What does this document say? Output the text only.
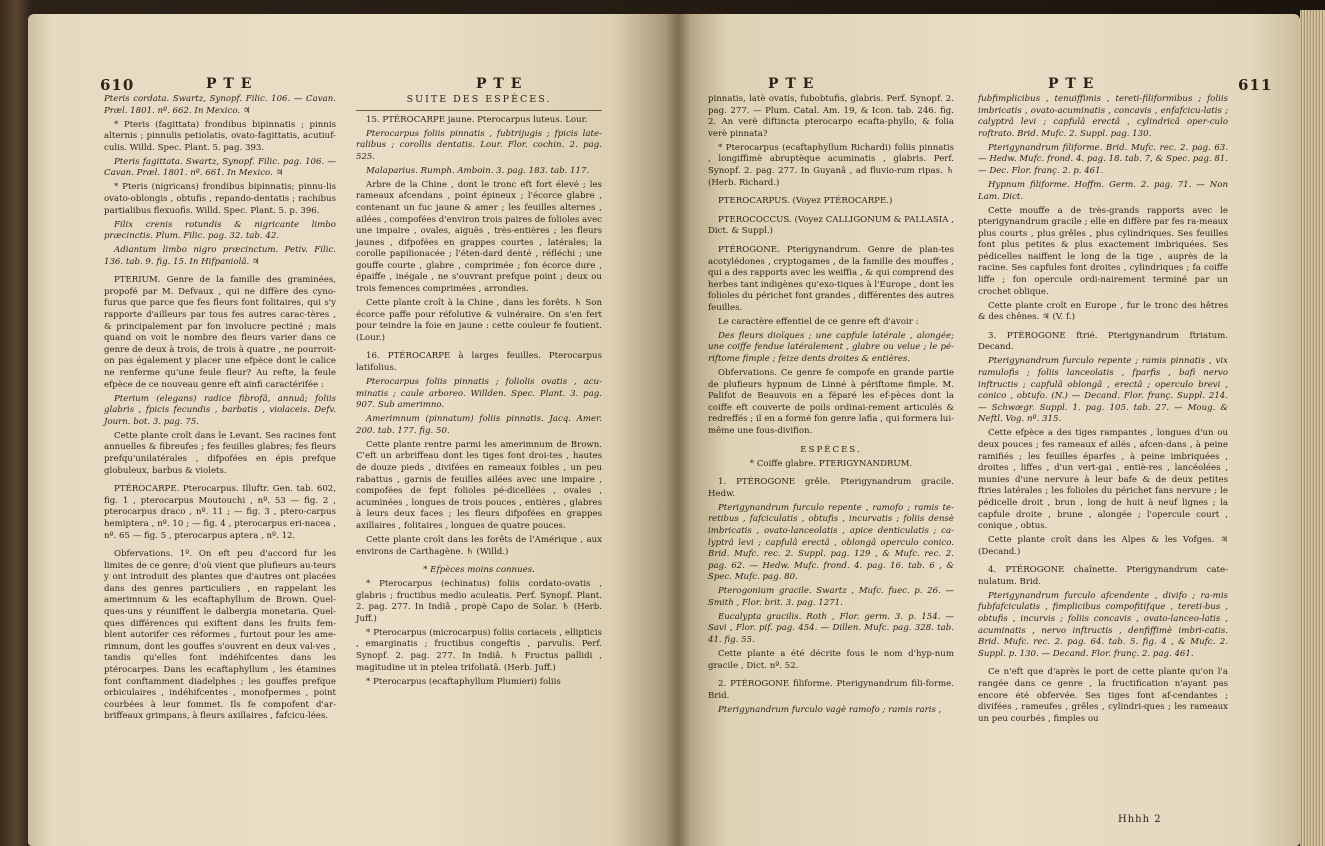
610	P T E	P T E

Pteris cordata. Swartz, Synopf. Filic. 106. — Cavan. Præl. 1801. nº. 662. In Mexico. ♃

* Pteris (fagittata) frondibus bipinnatis ; pinnis alternis ; pinnulis petiolatis, ovato-fagittatis, acutiuf-culis. Willd. Spec. Plant. 5. pag. 393.

Pteris fagittata. Swartz, Synopf. Filic. pag. 106. — Cavan. Præl. 1801. nº. 661. In Mexico. ♃

* Pteris (nigricans) frondibus bipinnatis; pinnu-lis ovato-oblongis , obtufis , repando-dentatis ; rachibus partialibus flexuofis. Willd. Spec. Plant. 5. p. 396.

Filix crenis rotundis & nigricante limbo præcinctis. Plum. Filic. pag. 32. tab. 42.

Adiantum limbo nigro præcinctum. Petiv. Filic. 136. tab. 9. fig. 15. In Hifpaniolâ. ♃

PTERIUM. Genre de la famille des graminées, propofé par M. Defvaux , qui ne diffère des cyno-furus que parce que fes fleurs font folitaires, qui s'y rapporte d'ailleurs par tous fes autres carac-tères , & principalement par fon involucre pectiné ; mais quand on voit le nombre des fleurs varier dans ce genre de deux à trois, de trois à quatre , ne pourroit-on pas également y placer une efpèce dont le calice ne renferme qu'une feule fleur? Au refte, la feule efpèce de ce nouveau genre eft ainfi caractérifée :

Pterium (elegans) radice fibrofâ, annuâ; foliis glabris , fpicis fecundis , barbatis , violaceis. Defv. Journ. bot. 3. pag. 75.

Cette plante croît dans le Levant. Ses racines font annuelles & fibreufes ; fes feuilles glabres; fes fleurs prefqu'unilatérales , difpofées en épis prefque globuleux, barbus & violets.

PTÉROCARPE. Pterocarpus. Illuftr. Gen. tab. 602, fig. 1 , pterocarpus Moutouchi , nº. 53 — fig. 2 , pterocarpus draco , nº. 11 ; — fig. 3 , ptero-carpus hemiptera , nº. 10 ; — fig. 4 , pterocarpus eri-nacea , nº. 65 — fig. 5 , pterocarpus aptera , nº. 12.

Obfervations. 1º. On eft peu d'accord fur les limites de ce genre; d'où vient que plufieurs au-teurs y ont introduit des plantes que d'autres ont placées dans des genres particuliers , en rappelant les amerimnum & les ecaftaphyllum de Brown. Quel-ques-uns y réuniffent le dalbergia monetaria. Quel-ques différences qui exiftent dans les fruits fem-blent autorifer ces réformes , furtout pour les ame-rimnum, dont les gouffes s'ouvrent en deux val-ves , tandis qu'elles font indéhifcentes dans les ptérocarpes. Dans les ecaftaphyllum , les étamines font conftamment diadelphes ; les gouffes prefque orbiculaires , indéhifcentes , monofpermes , point courbées à leur fommet. Ils fe compofent d'ar-briffeaux grimpans, à fleurs axillaires , fafcicu-lées.

SUITE DES ESPÈCES.

15. PTÉROCARPE jaune. Pterocarpus luteus. Lour.

Pterocarpus foliis pinnatis , fubtrijugis ; fpicis late-ralibus ; corollis dentatis. Lour. Flor. cochin. 2. pag. 525.

Malaparius. Rumph. Amboin. 3. pag. 183. tab. 117.

Arbre de la Chine , dont le tronc eft fort élevé ; les rameaux afcendans , point épineux ; l'écorce glabre , contenant un fuc jaune & amer ; les feuilles alternes , ailées , compofées d'environ trois paires de folioles avec une impaire , ovales, aiguës , très-entières ; les fleurs jaunes , difpofées en grappes courtes , latérales; la corolle papilionacée ; l'éten-dard denté , réfléchi ; une gouffe courte , glabre , comprimée ; fon écorce dure , épaiffe , inégale , ne s'ouvrant prefque point ; deux ou trois femences comprimées , arrondies.

Cette plante croît à la Chine , dans les forêts. ♄ Son écorce paffe pour réfolutive & vulnéraire. On s'en fert pour teindre la foie en jaune : cette couleur fe foutient. (Lour.)

16. PTÉROCARPE à larges feuilles. Pterocarpus latifolius.

Pterocarpus foliis pinnatis ; foliolis ovatis , acu-minatis ; caule arboreo. Willden. Spec. Plant. 3. pag. 907. Sub amerimno.

Amerimnum (pinnatum) foliis pinnatis. Jacq. Amer. 200. tab. 177. fig. 50.

Cette plante rentre parmi les amerimnum de Brown. C'eft un arbriffeau dont les tiges font droi-tes , hautes de douze pieds , divifées en rameaux foibles , un peu rabattus , garnis de feuilles ailées avec une impaire , compofées de fept folioles pé-dicellées , ovales , acuminées , longues de trois pouces , entières , glabres à leurs deux faces ; les fleurs difpofées en grappes axillaires , folitaires , longues de quatre pouces.

Cette plante croît dans les forêts de l'Amérique , aux environs de Carthagène. ♄ (Willd.)

* Efpèces moins connues.

* Pterocarpus (echinatus) foliis cordato-ovatis , glabris ; fructibus medio aculeatis. Perf. Synopf. Plant. 2. pag. 277. In Indiâ , propè Capo de Solar. ♄ (Herb. Juff.)

* Pterocarpus (microcarpus) foliis coriaceis , ellipticis , emarginatis ; fructibus congeftis , parvulis. Perf. Synopf. 2. pag. 277. In Indiâ. ♄ Fructus pallidi , magitudine ut in ptelea trifoliatâ. (Herb. Juff.)

* Pterocarpus (ecaftaphyllum Plumieri) foliis

P T E	P T E	611

pinnatis, latè ovatis, fubobtufis, glabris. Perf. Synopf. 2. pag. 277. — Plum. Catal. Am. 19, & Icon. tab. 246. fig. 2. An verè diftincta pterocarpo ecafta-phyllo, & folia verè pinnata?

* Pterocarpus (ecaftaphyllum Richardi) foliis pinnatis , longiffimè abruptèque acuminatis , glabris. Perf. Synopf. 2. pag. 277. In Guyanâ , ad fluvio-rum ripas. ♄ (Herb. Richard.)

PTEROCARPUS. (Voyez PTÉROCARPE.)

PTEROCOCCUS. (Voyez CALLIGONUM & PALLASIA , Dict. & Suppl.)

PTÉROGONE. Pterigynandrum. Genre de plan-tes acotylédones , cryptogames , de la famille des mouffes , qui a des rapports avec les weiffia , & qui comprend des herbes tant indigènes qu'exo-tiques à l'Europe , dont les folioles du périchet font grandes , différentes des autres feuilles.

Le caractère effentiel de ce genre eft d'avoir :

Des fleurs dioïques ; une capfule latérale , alongée; une coiffe fendue latéralement , glabre ou velue ; le pé-riftome fimple ; feize dents droites & entières.

Obfervations. Ce genre fe compofe en grande partie de plufieurs hypnum de Linné à périftome fimple. M. Palifot de Beauvois en a féparé les ef-pèces dont la coiffe eft couverte de poils ordinai-rement articulés & redreffés ; il en a formé fon genre lafia , qui formera lui-même une fous-divifion.

ESPÈCES.

* Coiffe glabre. PTERIGYNANDRUM.

1. PTÉROGONE grêle. Pterigynandrum gracile. Hedw.

Pterigynandrum furculo repente , ramofo ; ramis te-retibus , fafciculatis , obtufis , incurvatis ; foliis densè imbricatis , ovato-lanceolatis , apice denticulatis ; ca-lyptrâ levi ; capfulâ erectâ , oblongâ operculo conico. Brid. Mufc. rec. 2. Suppl. pag. 129 , & Mufc. rec. 2. pag. 62. — Hedw. Mufc. frond. 4. pag. 16. tab. 6 , & Spec. Mufc. pag. 80.

Pterogonium gracile. Swartz , Mufc. fuec. p. 26. — Smith , Flor. brit. 3. pag. 1271.

Eucalypta gracilis. Roth , Flor. germ. 3. p. 154. — Savi , Flor. pif. pag. 454. — Dillen. Mufc. pag. 328. tab. 41. fig. 55.

Cette plante a été décrite fous le nom d'hyp-num gracile , Dict. nº. 52.

2. PTÉROGONE filiforme. Pterigynandrum fili-forme. Brid.

Pterigynandrum furculo vagè ramofo ; ramis raris ,

fubfimplicibus , tenuiffimis , tereti-filiformibus ; foliis imbricatis , ovato-acuminatis , concavis , enfafcicu-latis ; calyptrâ levi ; capfulâ erectâ , cylindricâ oper-culo roftrato. Brid. Mufc. 2. Suppl. pag. 130.

Pterigynandrum filiforme. Brid. Mufc. rec. 2. pag. 63. — Hedw. Mufc. frond. 4. pag. 18. tab. 7, & Spec. pag. 81. — Dec. Flor. franç. 2. p. 461.

Hypnum filiforme. Hoffm. Germ. 2. pag. 71. — Non Lam. Dict.

Cette mouffe a de très-grands rapports avec le pterigynandrum gracile ; elle en diffère par fes ra-meaux plus courts , plus grêles , plus cylindriques. Ses feuilles font plus petites & plus exactement imbriquées. Ses pédicelles naiffent le long de la tige , auprès de la racine. Ses capfules font droites , cylindriques ; fa coiffe liffe ; fon opercule ordi-nairement terminé par un crochet oblique.

Cette plante croît en Europe , fur le tronc des hêtres & des chênes. ♃ (V. f.)

3. PTÉROGONE ftrié. Pterigynandrum ftriatum. Decand.

Pterigynandrum furculo repente ; ramis pinnatis , vix ramulofis ; foliis lanceolatis , fparfis , bafi nervo inftructis ; capfulâ oblongâ , erectâ ; operculo brevi , conico , obtufo. (N.) — Decand. Flor. franç. Suppl. 214. — Schwægr. Suppl. 1. pag. 105. tab. 27. — Moug. & Neftl. Vog. nº. 315.

Cette efpèce a des tiges rampantes , longues d'un ou deux pouces ; fes rameaux ef ailés , afcen-dans , à peine ramifiés ; les feuilles éparfes , à peine imbriquées , droites , liffes , d'un vert-gai , entiè-res , lancéolées , munies d'une nervure à leur bafe & de deux petites ftries latérales ; les folioles du périchet fans nervure ; le pédicelle droit , brun , long de huit à neuf lignes ; la capfule droite , brune , alongée ; l'opercule court , conique , obtus.

Cette plante croît dans les Alpes & les Vofges. ♃ (Decand.)

4. PTÉROGONE chaînette. Pterigynandrum cate-nulatum. Brid.

Pterigynandrum furculo afcendente , divifo ; ra-mis fubfafciculatis , fimplicibus compofitifque , tereti-bus , obtufis , incurvis ; foliis concavis , ovato-lanceo-latis , acuminatis , nervo inftructis , denfiffimè imbri-catis. Brid. Mufc. rec. 2. pag. 64. tab. 5. fig. 4 , & Mufc. 2. Suppl. p. 130. — Decand. Flor. franç. 2. pag. 461.

Ce n'eft que d'après le port de cette plante qu'on l'a rangée dans ce genre , la fructification n'ayant pas encore été obfervée. Ses tiges font af-cendantes ; divifées , rameufes , grêles , cylindri-ques ; les rameaux un peu courbés , fimples ou

Hhhh 2
